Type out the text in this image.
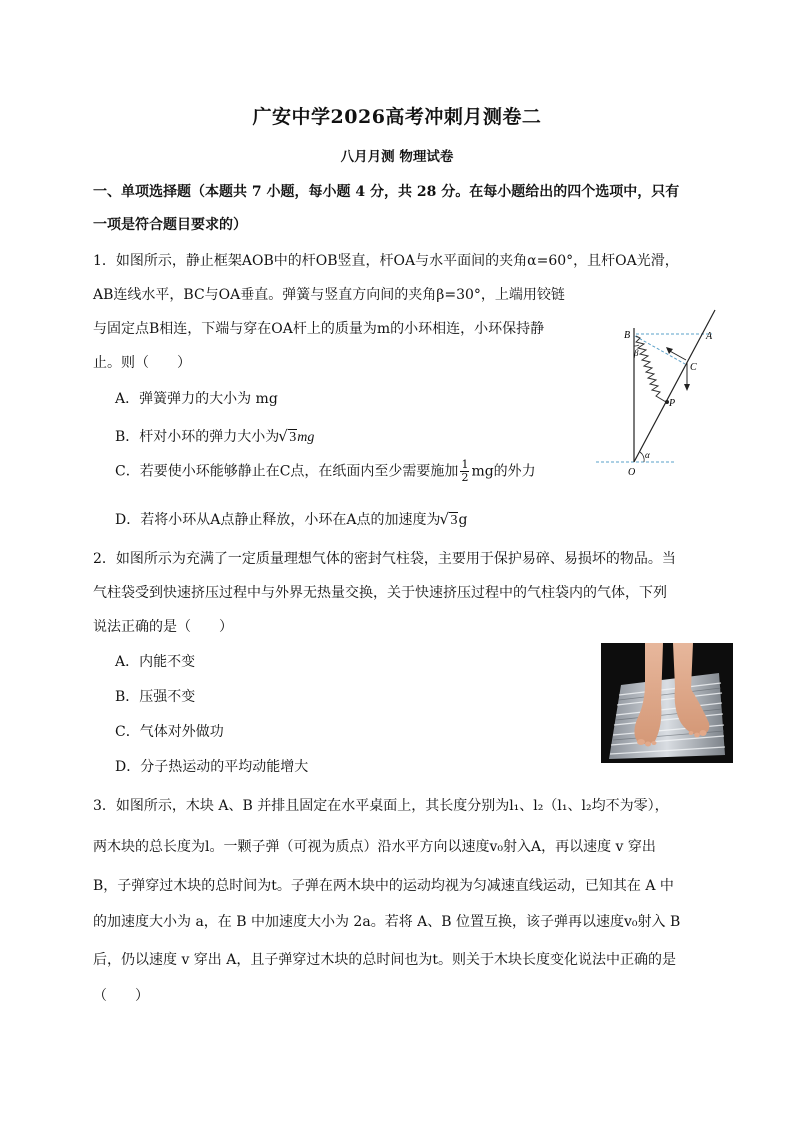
广安中学2026高考冲刺月测卷二
八月月测 物理试卷
一、单项选择题（本题共 7 小题，每小题 4 分，共 28 分。在每小题给出的四个选项中，只有
一项是符合题目要求的）
1．如图所示，静止框架AOB中的杆OB竖直，杆OA与水平面间的夹角α=60°，且杆OA光滑，
AB连线水平，BC与OA垂直。弹簧与竖直方向间的夹角β=30°，上端用铰链
与固定点B相连，下端与穿在OA杆上的质量为m的小环相连，小环保持静
止。则（　　）
A．弹簧弹力的大小为 mg
B．杆对小环的弹力大小为 √ 3mg
C．若要使小环能够静止在C点，在纸面内至少需要施加 $\frac{1}{2}$ mg的外力
D．若将小环从A点静止释放，小环在A点的加速度为 √ 3g
B	A
C
P
O
α
β
2．如图所示为充满了一定质量理想气体的密封气柱袋，主要用于保护易碎、易损坏的物品。当
气柱袋受到快速挤压过程中与外界无热量交换，关于快速挤压过程中的气柱袋内的气体，下列
说法正确的是（　　）
A．内能不变
B．压强不变
C．气体对外做功
D．分子热运动的平均动能增大
3．如图所示，木块 A、B 并排且固定在水平桌面上，其长度分别为l₁、l₂（l₁、l₂均不为零），
两木块的总长度为l。一颗子弹（可视为质点）沿水平方向以速度v₀射入A，再以速度 v 穿出
B，子弹穿过木块的总时间为t。子弹在两木块中的运动均视为匀减速直线运动，已知其在 A 中
的加速度大小为 a，在 B 中加速度大小为 2a。若将 A、B 位置互换，该子弹再以速度v₀射入 B
后，仍以速度 v 穿出 A，且子弹穿过木块的总时间也为t。则关于木块长度变化说法中正确的是
（　　）
